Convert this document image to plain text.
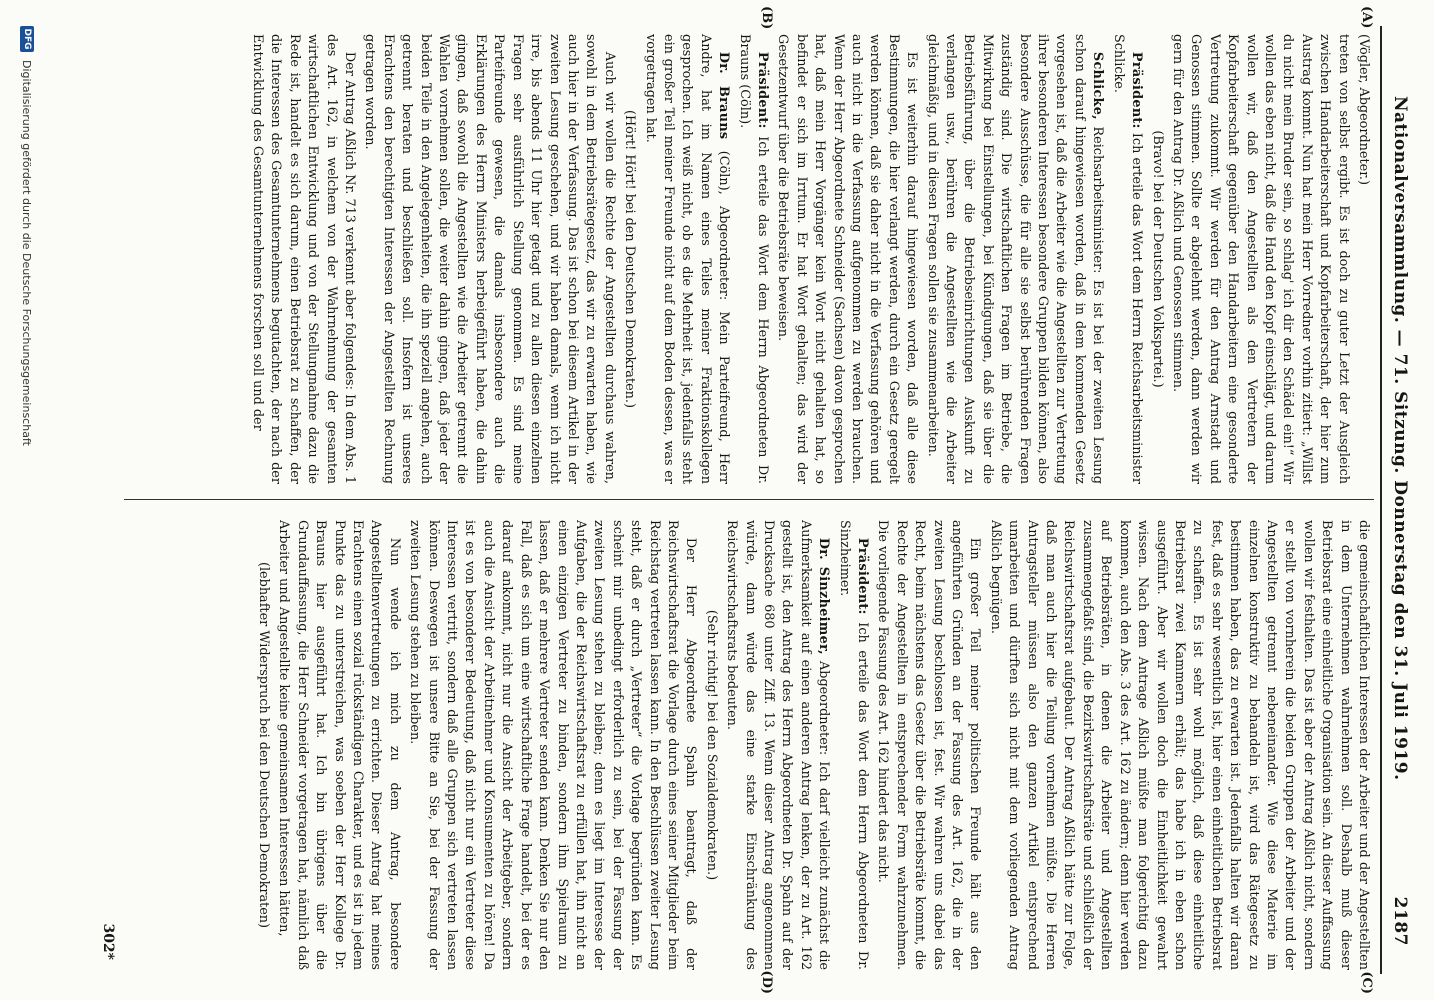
Nationalversammlung. — 71. Sitzung. Donnerstag den 31. Juli 1919.
2187
(A)
(B)
(C)
(D)

(Vögler, Abgeordneter.)

treten von selbst ergibt. Es ist doch zu guter Letzt der Ausgleich zwischen Handarbeiterschaft und Kopfarbeiterschaft, der hier zum Austrag kommt. Nun hat mein Herr Vorredner vorhin zitiert: „Willst du nicht mein Bruder sein, so schlag' ich dir den Schädel ein!“ Wir wollen das eben nicht, daß die Hand den Kopf einschlägt, und darum wollen wir, daß den Angestellten als den Vertretern der Kopfarbeiterschaft gegenüber den Handarbeitern eine gesonderte Vertretung zukommt. Wir werden für den Antrag Arnstadt und Genossen stimmen. Sollte er abgelehnt werden, dann werden wir gern für den Antrag Dr. Aßlich und Genossen stimmen.

(Bravo! bei der Deutschen Volkspartei.)

Präsident: Ich erteile das Wort dem Herrn Reichsarbeitsminister Schlicke.

Schlicke, Reichsarbeitsminister: Es ist bei der zweiten Lesung schon darauf hingewiesen worden, daß in dem kommenden Gesetz vorgesehen ist, daß die Arbeiter wie die Angestellten zur Vertretung ihrer besonderen Interessen besondere Gruppen bilden können, also besondere Ausschüsse, die für alle sie selbst berührenden Fragen zuständig sind. Die wirtschaftlichen Fragen im Betriebe, die Mitwirkung bei Einstellungen, bei Kündigungen, daß sie über die Betriebsführung, über die Betriebseinrichtungen Auskunft zu verlangen usw., berühren die Angestellten wie die Arbeiter gleichmäßig, und in diesen Fragen sollen sie zusammenarbeiten.

Es ist weiterhin darauf hingewiesen worden, daß alle diese Bestimmungen, die hier verlangt werden, durch ein Gesetz geregelt werden können, daß sie daher nicht in die Verfassung gehören und auch nicht in die Verfassung aufgenommen zu werden brauchen. Wenn der Herr Abgeordnete Schneider (Sachsen) davon gesprochen hat, daß mein Herr Vorgänger kein Wort nicht gehalten hat, so befindet er sich im Irrtum. Er hat Wort gehalten; das wird der Gesetzentwurf über die Betriebsräte beweisen.

Präsident: Ich erteile das Wort dem Herrn Abgeordneten Dr. Brauns (Cöln).

Dr. Brauns (Cöln), Abgeordneter: Mein Parteifreund, Herr Andre, hat im Namen eines Teiles meiner Fraktionskollegen gesprochen. Ich weiß nicht, ob es die Mehrheit ist, jedenfalls steht ein großer Teil meiner Freunde nicht auf dem Boden dessen, was er vorgetragen hat.

(Hört! Hört! bei den Deutschen Demokraten.)

Auch wir wollen die Rechte der Angestellten durchaus wahren, sowohl in dem Betriebsrätegesetz, das wir zu erwarten haben, wie auch hier in der Verfassung. Das ist schon bei diesem Artikel in der zweiten Lesung geschehen, und wir haben damals, wenn ich nicht irre, bis abends 11 Uhr hier getagt und zu allen diesen einzelnen Fragen sehr ausführlich Stellung genommen. Es sind meine Parteifreunde gewesen, die damals insbesondere auch die Erklärungen des Herrn Ministers herbeigeführt haben, die dahin gingen, daß sowohl die Angestellten wie die Arbeiter getrennt die Wahlen vornehmen sollen, die weiter dahin gingen, daß jeder der beiden Teile in den Angelegenheiten, die ihn speziell angehen, auch getrennt beraten und beschließen soll. Insofern ist unseres Erachtens den berechtigten Interessen der Angestellten Rechnung getragen worden.

Der Antrag Aßlich Nr. 713 verkennt aber folgendes: In dem Abs. 1 des Art. 162, in welchem von der Wahrnehmung der gesamten wirtschaftlichen Entwicklung und von der Stellungnahme dazu die Rede ist, handelt es sich darum, einen Betriebsrat zu schaffen, der die Interessen des Gesamtunternehmens begutachten, der nach der Entwicklung des Gesamtunternehmens forschen soll und der

die gemeinschaftlichen Interessen der Arbeiter und der Angestellten in dem Unternehmen wahrnehmen soll. Deshalb muß dieser Betriebsrat eine einheitliche Organisation sein. An dieser Auffassung wollen wir festhalten. Das ist aber der Antrag Aßlich nicht, sondern er stellt von vornherein die beiden Gruppen der Arbeiter und der Angestellten getrennt nebeneinander. Wie diese Materie im einzelnen konstruktiv zu behandeln ist, wird das Rätegesetz zu bestimmen haben, das zu erwarten ist. Jedenfalls halten wir daran fest, daß es sehr wesentlich ist, hier einen einheitlichen Betriebsrat zu schaffen. Es ist sehr wohl möglich, daß diese einheitliche Betriebsrat zwei Kammern erhält; das habe ich in eben schon ausgeführt. Aber wir wollen doch die Einheitlichkeit gewahrt wissen. Nach dem Antrage Aßlich müßte man folgerichtig dazu kommen, auch den Abs. 3 des Art. 162 zu ändern; denn hier werden auf Betriebsräten, in denen die Arbeiter und Angestellten zusammengefaßt sind, die Bezirkswirtschaftsräte und schließlich der Reichswirtschaftsrat aufgebaut. Der Antrag Aßlich hätte zur Folge, daß man auch hier die Teilung vornehmen müßte. Die Herren Antragsteller müssen also den ganzen Artikel entsprechend umarbeiten und dürften sich nicht mit dem vorliegenden Antrag Aßlich begnügen.

Ein großer Teil meiner politischen Freunde hält aus den angeführten Gründen an der Fassung des Art. 162, die in der zweiten Lesung beschlossen ist, fest. Wir wahren uns dabei das Recht, beim nächstens das Gesetz über die Betriebsräte kommt, die Rechte der Angestellten in entsprechender Form wahrzunehmen. Die vorliegende Fassung des Art. 162 hindert das nicht.

Präsident: Ich erteile das Wort dem Herrn Abgeordneten Dr. Sinzheimer.

Dr. Sinzheimer, Abgeordneter: Ich darf vielleicht zunächst die Aufmerksamkeit auf einen anderen Antrag lenken, der zu Art. 162 gestellt ist, den Antrag des Herrn Abgeordneten Dr. Spahn auf der Drucksache 680 unter Ziff. 13. Wenn dieser Antrag angenommen würde, dann würde das eine starke Einschränkung des Reichswirtschaftsrats bedeuten.

(Sehr richtig! bei den Sozialdemokraten.)

Der Herr Abgeordnete Spahn beantragt, daß der Reichswirtschaftsrat die Vorlage durch eines seiner Mitglieder beim Reichstag vertreten lassen kann. In den Beschlüssen zweiter Lesung steht, daß er durch „Vertreter“ die Vorlage begründen kann. Es scheint mir unbedingt erforderlich zu sein, bei der Fassung der zweiten Lesung stehen zu bleiben; denn es liegt im Interesse der Aufgaben, die der Reichswirtschaftsrat zu erfüllen hat, ihn nicht an einen einzigen Vertreter zu binden, sondern ihm Spielraum zu lassen, daß er mehrere Vertreter senden kann. Denken Sie nur den Fall, daß es sich um eine wirtschaftliche Frage handelt, bei der es darauf ankommt, nicht nur die Ansicht der Arbeitgeber, sondern auch die Ansicht der Arbeitnehmer und Konsumenten zu hören! Da ist es von besonderer Bedeutung, daß nicht nur ein Vertreter diese Interessen vertritt, sondern daß alle Gruppen sich vertreten lassen können. Deswegen ist unsere Bitte an Sie, bei der Fassung der zweiten Lesung stehen zu bleiben.

Nun wende ich mich zu dem Antrag, besondere Angestelltenvertretungen zu errichten. Dieser Antrag hat meines Erachtens einen sozial rückständigen Charakter, und es ist in jedem Punkte das zu unterstreichen, was soeben der Herr Kollege Dr. Brauns hier ausgeführt hat. Ich bin übrigens über die Grundauffassung, die Herr Schneider vorgetragen hat, nämlich daß Arbeiter und Angestellte keine gemeinsamen Interessen hätten,

(lebhafter Widerspruch bei den Deutschen Demokraten)

302*
DFG
Digitalisierung gefördert durch die Deutsche Forschungsgemeinschaft
